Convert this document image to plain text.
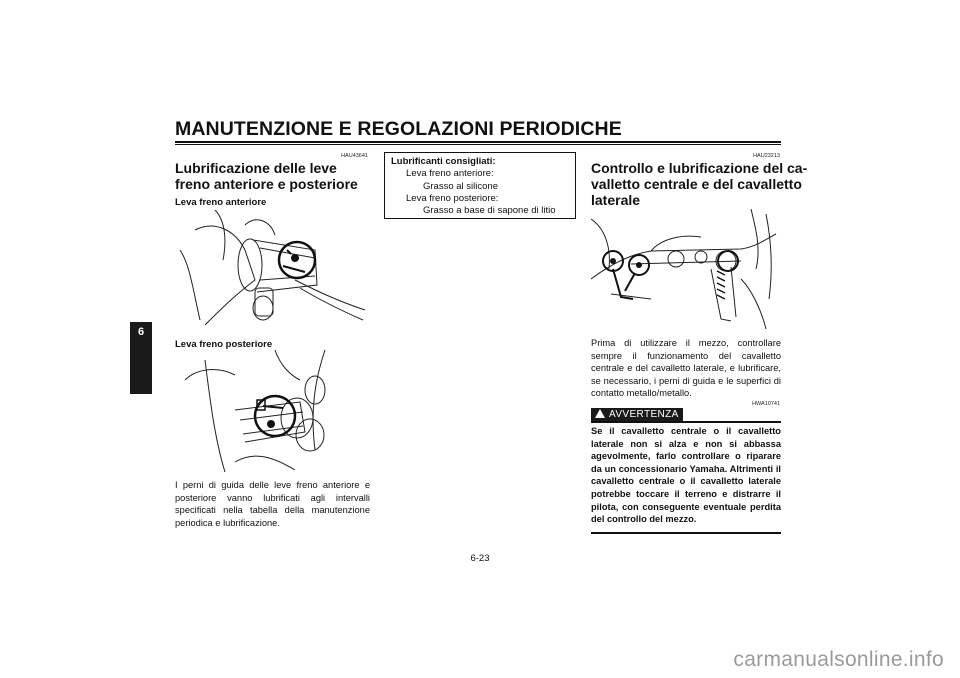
MANUTENZIONE E REGOLAZIONI PERIODICHE
6
HAU43641
Lubrificazione delle leve freno anteriore e posteriore
Leva freno anteriore
Leva freno posteriore
I perni di guida delle leve freno anteriore e posteriore vanno lubrificati agli intervalli specificati nella tabella della manutenzione periodica e lubrificazione.
Lubrificanti consigliati:
Leva freno anteriore:
Grasso al silicone
Leva freno posteriore:
Grasso a base di sapone di litio
HAU23213
Controllo e lubrificazione del ca-
valletto centrale e del cavalletto
laterale
Prima di utilizzare il mezzo, controllare sempre il funzionamento del cavalletto centrale e del cavalletto laterale, e lubrificare, se necessario, i perni di guida e le superfici di contatto metallo/metallo.
HWA10741
AVVERTENZA
Se il cavalletto centrale o il cavalletto laterale non si alza e non si abbassa agevolmente, farlo controllare o riparare da un concessionario Yamaha. Altrimenti il cavalletto centrale o il cavalletto laterale potrebbe toccare il terreno e distrarre il pilota, con conseguente eventuale perdita del controllo del mezzo.
6-23
carmanualsonline.info
